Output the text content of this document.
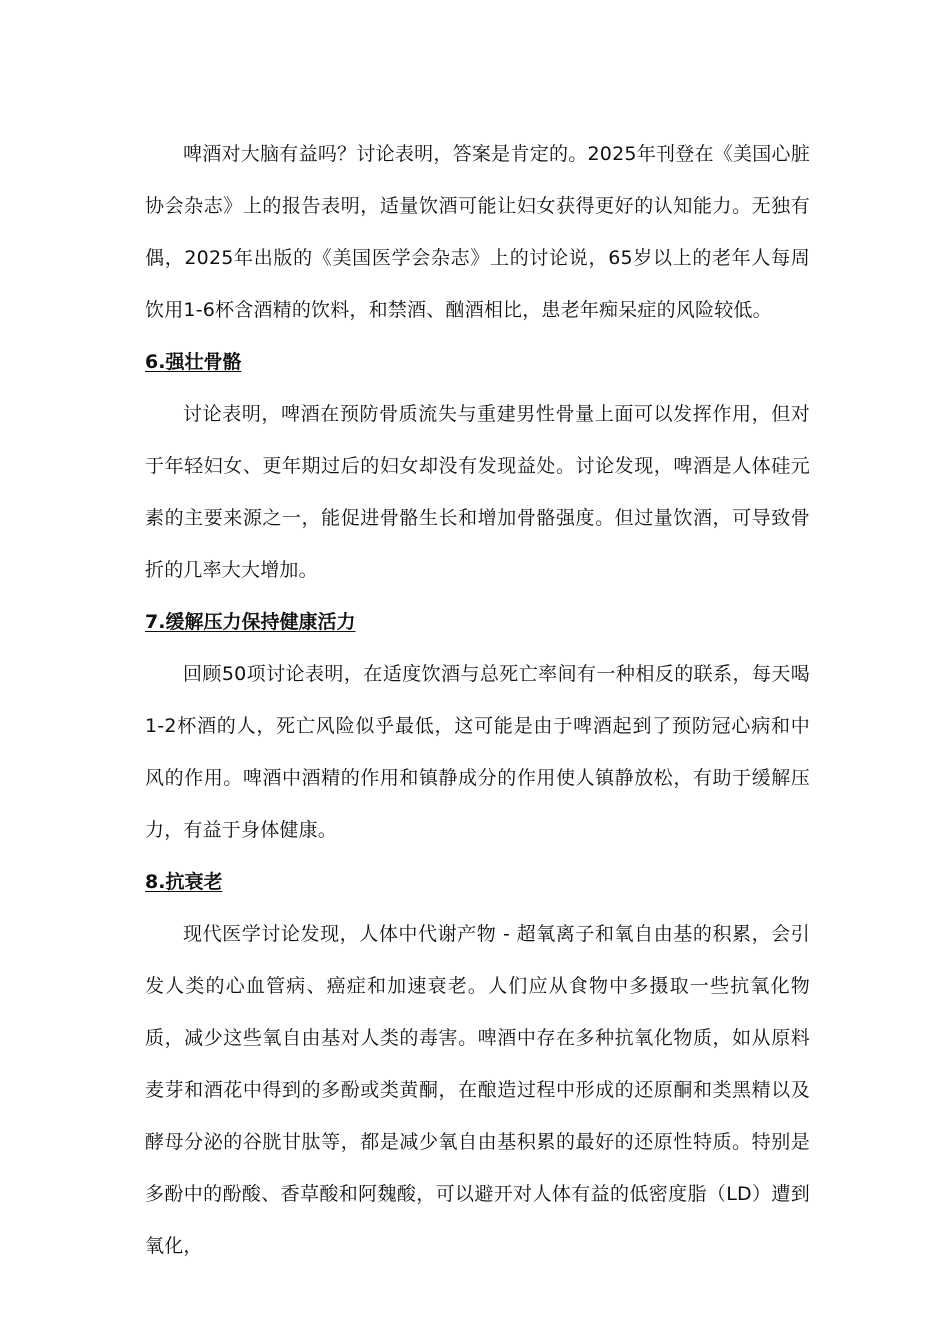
啤酒对大脑有益吗？讨论表明，答案是肯定的。2025年刊登在《美国心脏协会杂志》上的报告表明，适量饮酒可能让妇女获得更好的认知能力。无独有偶，2025年出版的《美国医学会杂志》上的讨论说，65岁以上的老年人每周饮用1-6杯含酒精的饮料，和禁酒、酗酒相比，患老年痴呆症的风险较低。

6.强壮骨骼

讨论表明，啤酒在预防骨质流失与重建男性骨量上面可以发挥作用，但对于年轻妇女、更年期过后的妇女却没有发现益处。讨论发现，啤酒是人体硅元素的主要来源之一，能促进骨骼生长和增加骨骼强度。但过量饮酒，可导致骨折的几率大大增加。

7.缓解压力保持健康活力

回顾50项讨论表明，在适度饮酒与总死亡率间有一种相反的联系，每天喝1-2杯酒的人，死亡风险似乎最低，这可能是由于啤酒起到了预防冠心病和中风的作用。啤酒中酒精的作用和镇静成分的作用使人镇静放松，有助于缓解压力，有益于身体健康。

8.抗衰老

现代医学讨论发现，人体中代谢产物 - 超氧离子和氧自由基的积累，会引发人类的心血管病、癌症和加速衰老。人们应从食物中多摄取一些抗氧化物质，减少这些氧自由基对人类的毒害。啤酒中存在多种抗氧化物质，如从原料麦芽和酒花中得到的多酚或类黄酮，在酿造过程中形成的还原酮和类黑精以及酵母分泌的谷胱甘肽等，都是减少氧自由基积累的最好的还原性特质。特别是多酚中的酚酸、香草酸和阿魏酸，可以避开对人体有益的低密度脂（LD）遭到氧化，
